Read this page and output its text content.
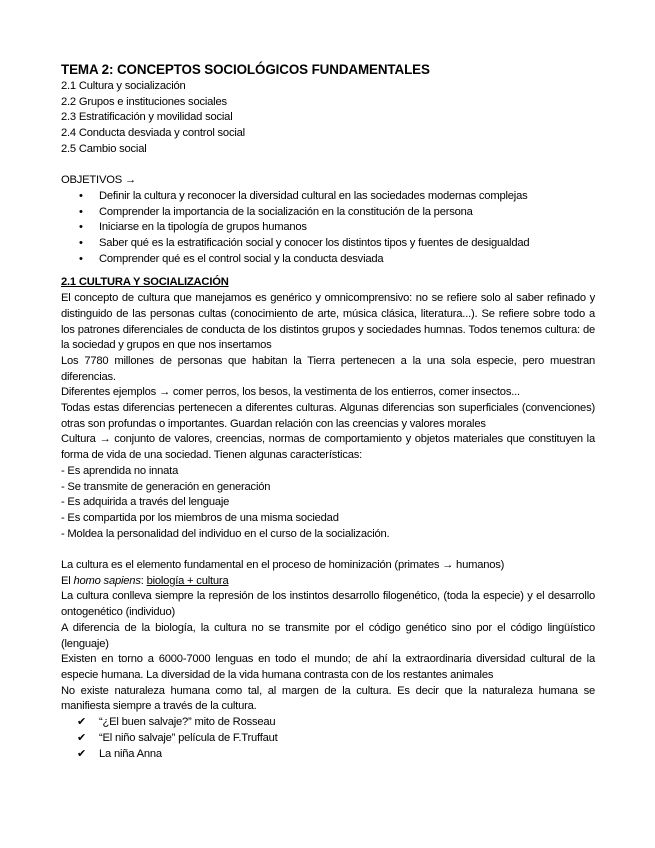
TEMA 2: CONCEPTOS SOCIOLÓGICOS FUNDAMENTALES
2.1 Cultura y socialización
2.2 Grupos e instituciones sociales
2.3 Estratificación y movilidad social
2.4 Conducta desviada y control social
2.5 Cambio social
OBJETIVOS →
• Definir la cultura y reconocer la diversidad cultural en las sociedades modernas complejas
• Comprender la importancia de la socialización en la constitución de la persona
• Iniciarse en la tipología de grupos humanos
• Saber qué es la estratificación social y conocer los distintos tipos y fuentes de desigualdad
• Comprender qué es el control social y la conducta desviada
2.1 CULTURA Y SOCIALIZACIÓN
El concepto de cultura que manejamos es genérico y omnicomprensivo: no se refiere solo al saber refinado y distinguido de las personas cultas (conocimiento de arte, música clásica, literatura...). Se refiere sobre todo a los patrones diferenciales de conducta de los distintos grupos y sociedades humnas. Todos tenemos cultura: de la sociedad y grupos en que nos insertamos
Los 7780 millones de personas que habitan la Tierra pertenecen a la una sola especie, pero muestran diferencias.
Diferentes ejemplos → comer perros, los besos, la vestimenta de los entierros, comer insectos...
Todas estas diferencias pertenecen a diferentes culturas. Algunas diferencias son superficiales (convenciones) otras son profundas o importantes. Guardan relación con las creencias y valores morales
Cultura → conjunto de valores, creencias, normas de comportamiento y objetos materiales que constituyen la forma de vida de una sociedad. Tienen algunas características:
- Es aprendida no innata
- Se transmite de generación en generación
- Es adquirida a través del lenguaje
- Es compartida por los miembros de una misma sociedad
- Moldea la personalidad del individuo en el curso de la socialización.
La cultura es el elemento fundamental en el proceso de hominización (primates → humanos)
El homo sapiens: biología + cultura
La cultura conlleva siempre la represión de los instintos desarrollo filogenético, (toda la especie) y el desarrollo ontogenético (individuo)
A diferencia de la biología, la cultura no se transmite por el código genético sino por el código lingüístico (lenguaje)
Existen en torno a 6000-7000 lenguas en todo el mundo; de ahí la extraordinaria diversidad cultural de la especie humana. La diversidad de la vida humana contrasta con de los restantes animales
No existe naturaleza humana como tal, al margen de la cultura. Es decir que la naturaleza humana se manifiesta siempre a través de la cultura.
✔ “¿El buen salvaje?” mito de Rosseau
✔ “El niño salvaje” película de F.Truffaut
✔ La niña Anna
